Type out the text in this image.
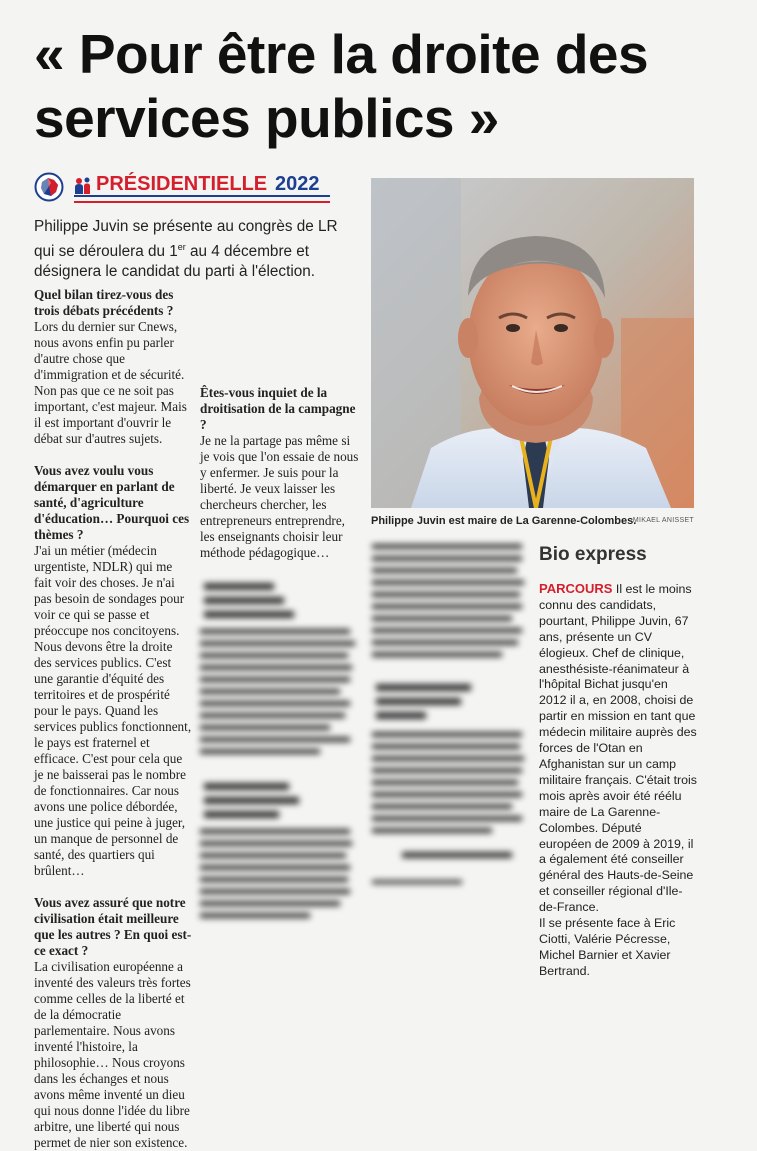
« Pour être la droite des services publics »
PRÉSIDENTIELLE 2022

Philippe Juvin se présente au congrès de LR qui se déroulera du 1er au 4 décembre et désignera le candidat du parti à l'élection.

Quel bilan tirez-vous des trois débats précédents ?

Lors du dernier sur Cnews, nous avons enfin pu parler d'autre chose que d'immigration et de sécurité. Non pas que ce ne soit pas important, c'est majeur. Mais il est important d'ouvrir le débat sur d'autres sujets.

Vous avez voulu vous démarquer en parlant de santé, d'agriculture d'éducation… Pourquoi ces thèmes ?

J'ai un métier (médecin urgentiste, NDLR) qui me fait voir des choses. Je n'ai pas besoin de sondages pour voir ce qui se passe et préoccupe nos concitoyens. Nous devons être la droite des services publics. C'est une garantie d'équité des territoires et de prospérité pour le pays. Quand les services publics fonctionnent, le pays est fraternel et efficace. C'est pour cela que je ne baisserai pas le nombre de fonctionnaires. Car nous avons une police débordée, une justice qui peine à juger, un manque de personnel de santé, des quartiers qui brûlent…

Vous avez assuré que notre civilisation était meilleure que les autres ? En quoi est-ce exact ?

La civilisation européenne a inventé des valeurs très fortes comme celles de la liberté et de la démocratie parlementaire. Nous avons inventé l'histoire, la philosophie… Nous croyons dans les échanges et nous avons même inventé un dieu qui nous donne l'idée du libre arbitre, une liberté qui nous permet de nier son existence.

Êtes-vous inquiet de la droitisation de la campagne ?

Je ne la partage pas même si je vois que l'on essaie de nous y enfermer. Je suis pour la liberté. Je veux laisser les chercheurs chercher, les entrepreneurs entreprendre, les enseignants choisir leur méthode pédagogique…

Philippe Juvin est maire de La Garenne-Colombes.
MIKAEL ANISSET
Bio express

PARCOURS Il est le moins connu des candidats, pourtant, Philippe Juvin, 67 ans, présente un CV élogieux. Chef de clinique, anesthésiste-réanimateur à l'hôpital Bichat jusqu'en 2012 il a, en 2008, choisi de partir en mission en tant que médecin militaire auprès des forces de l'Otan en Afghanistan sur un camp militaire français. C'était trois mois après avoir été réélu maire de La Garenne-Colombes. Député européen de 2009 à 2019, il a également été conseiller général des Hauts-de-Seine et conseiller régional d'Ile-de-France.
Il se présente face à Eric Ciotti, Valérie Pécresse, Michel Barnier et Xavier Bertrand.
